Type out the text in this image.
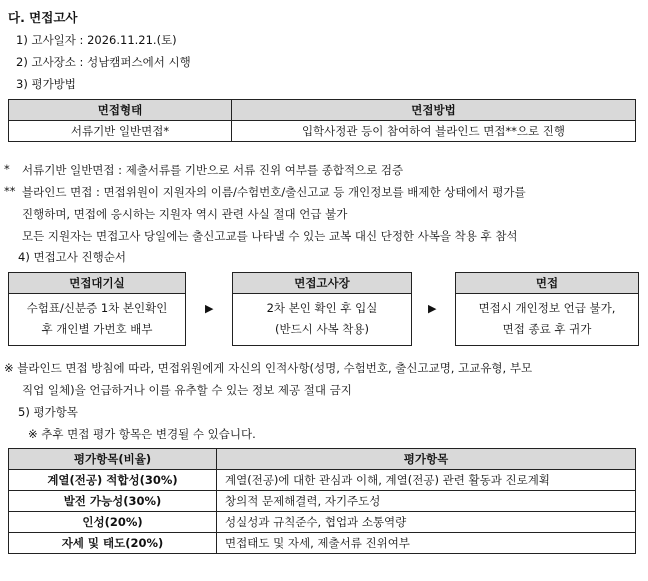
다. 면접고사
1) 고사일자 : 2026.11.21.(토)
2) 고사장소 : 성남캠퍼스에서 시행
3) 평가방법
면접형태	면접방법
서류기반 일반면접*	입학사정관 등이 참여하여 블라인드 면접**으로 진행
* 서류기반 일반면접 : 제출서류를 기반으로 서류 진위 여부를 종합적으로 검증
** 블라인드 면접 : 면접위원이 지원자의 이름/수험번호/출신고교 등 개인정보를 배제한 상태에서 평가를
진행하며, 면접에 응시하는 지원자 역시 관련 사실 절대 언급 불가
모든 지원자는 면접고사 당일에는 출신고교를 나타낼 수 있는 교복 대신 단정한 사복을 착용 후 참석
4) 면접고사 진행순서
면접대기실
수험표/신분증 1차 본인확인
후 개인별 가번호 배부
▶
면접고사장
2차 본인 확인 후 입실
(반드시 사복 착용)
▶
면접
면접시 개인정보 언급 불가,
면접 종료 후 귀가
※ 블라인드 면접 방침에 따라, 면접위원에게 자신의 인적사항(성명, 수험번호, 출신고교명, 고교유형, 부모
직업 일체)을 언급하거나 이를 유추할 수 있는 정보 제공 절대 금지
5) 평가항목
※ 추후 면접 평가 항목은 변경될 수 있습니다.
평가항목(비율)	평가항목
계열(전공) 적합성(30%)	계열(전공)에 대한 관심과 이해, 계열(전공) 관련 활동과 진로계획
발전 가능성(30%)	창의적 문제해결력, 자기주도성
인성(20%)	성실성과 규칙준수, 협업과 소통역량
자세 및 태도(20%)	면접태도 및 자세, 제출서류 진위여부
